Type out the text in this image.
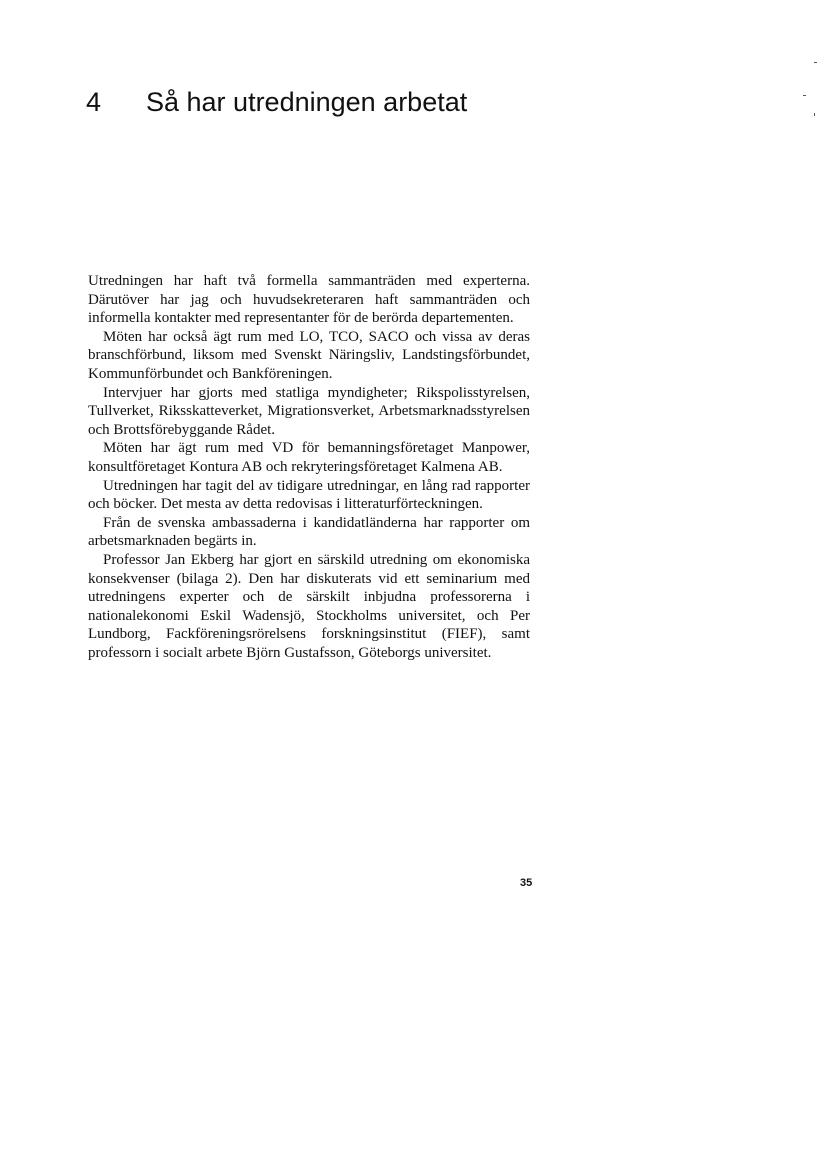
4 Så har utredningen arbetat

Utredningen har haft två formella sammanträden med experterna. Därutöver har jag och huvudsekreteraren haft sammanträden och informella kontakter med representanter för de berörda departementen.

Möten har också ägt rum med LO, TCO, SACO och vissa av deras branschförbund, liksom med Svenskt Näringsliv, Landstingsförbundet, Kommunförbundet och Bankföreningen.

Intervjuer har gjorts med statliga myndigheter; Rikspolisstyrelsen, Tullverket, Riksskatteverket, Migrationsverket, Arbetsmarknadsstyrelsen och Brottsförebyggande Rådet.

Möten har ägt rum med VD för bemanningsföretaget Manpower, konsultföretaget Kontura AB och rekryteringsföretaget Kalmena AB.

Utredningen har tagit del av tidigare utredningar, en lång rad rapporter och böcker. Det mesta av detta redovisas i litteraturförteckningen.

Från de svenska ambassaderna i kandidatländerna har rapporter om arbetsmarknaden begärts in.

Professor Jan Ekberg har gjort en särskild utredning om ekonomiska konsekvenser (bilaga 2). Den har diskuterats vid ett seminarium med utredningens experter och de särskilt inbjudna professorerna i nationalekonomi Eskil Wadensjö, Stockholms universitet, och Per Lundborg, Fackföreningsrörelsens forskningsinstitut (FIEF), samt professorn i socialt arbete Björn Gustafsson, Göteborgs universitet.

35
